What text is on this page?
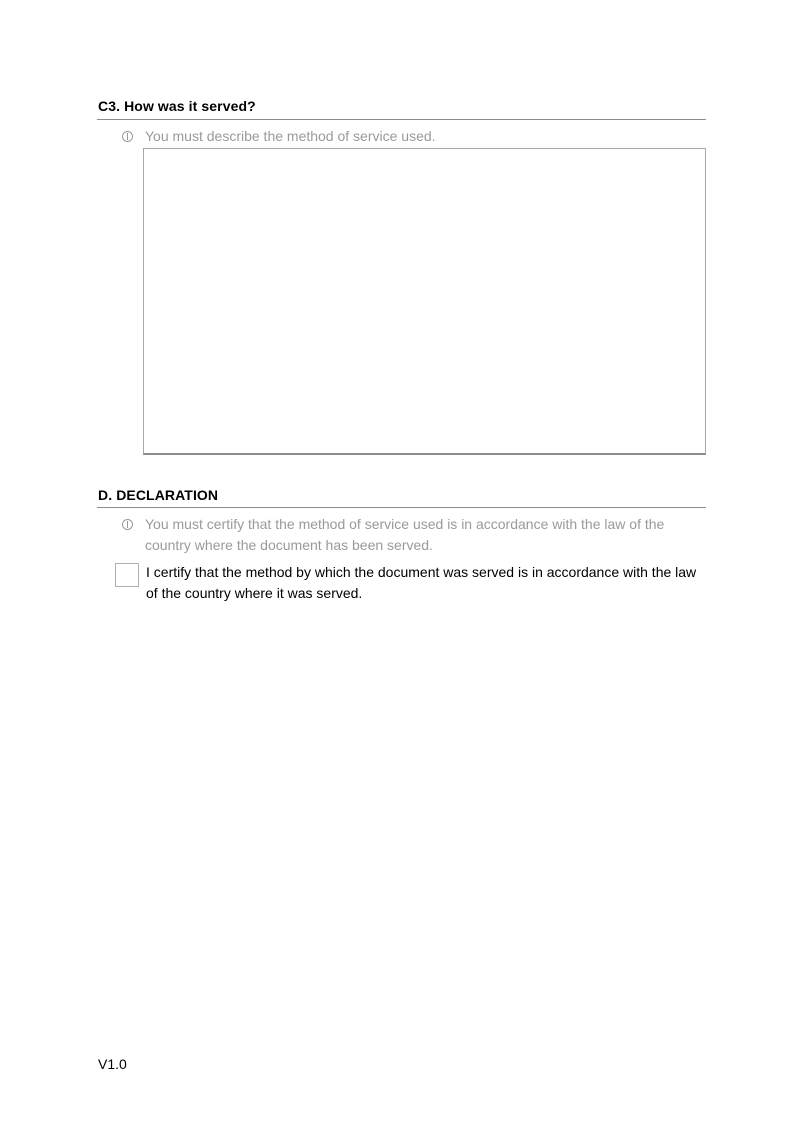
C3. How was it served?
You must describe the method of service used.
D. DECLARATION
You must certify that the method of service used is in accordance with the law of the country where the document has been served.
I certify that the method by which the document was served is in accordance with the law of the country where it was served.
V1.0
